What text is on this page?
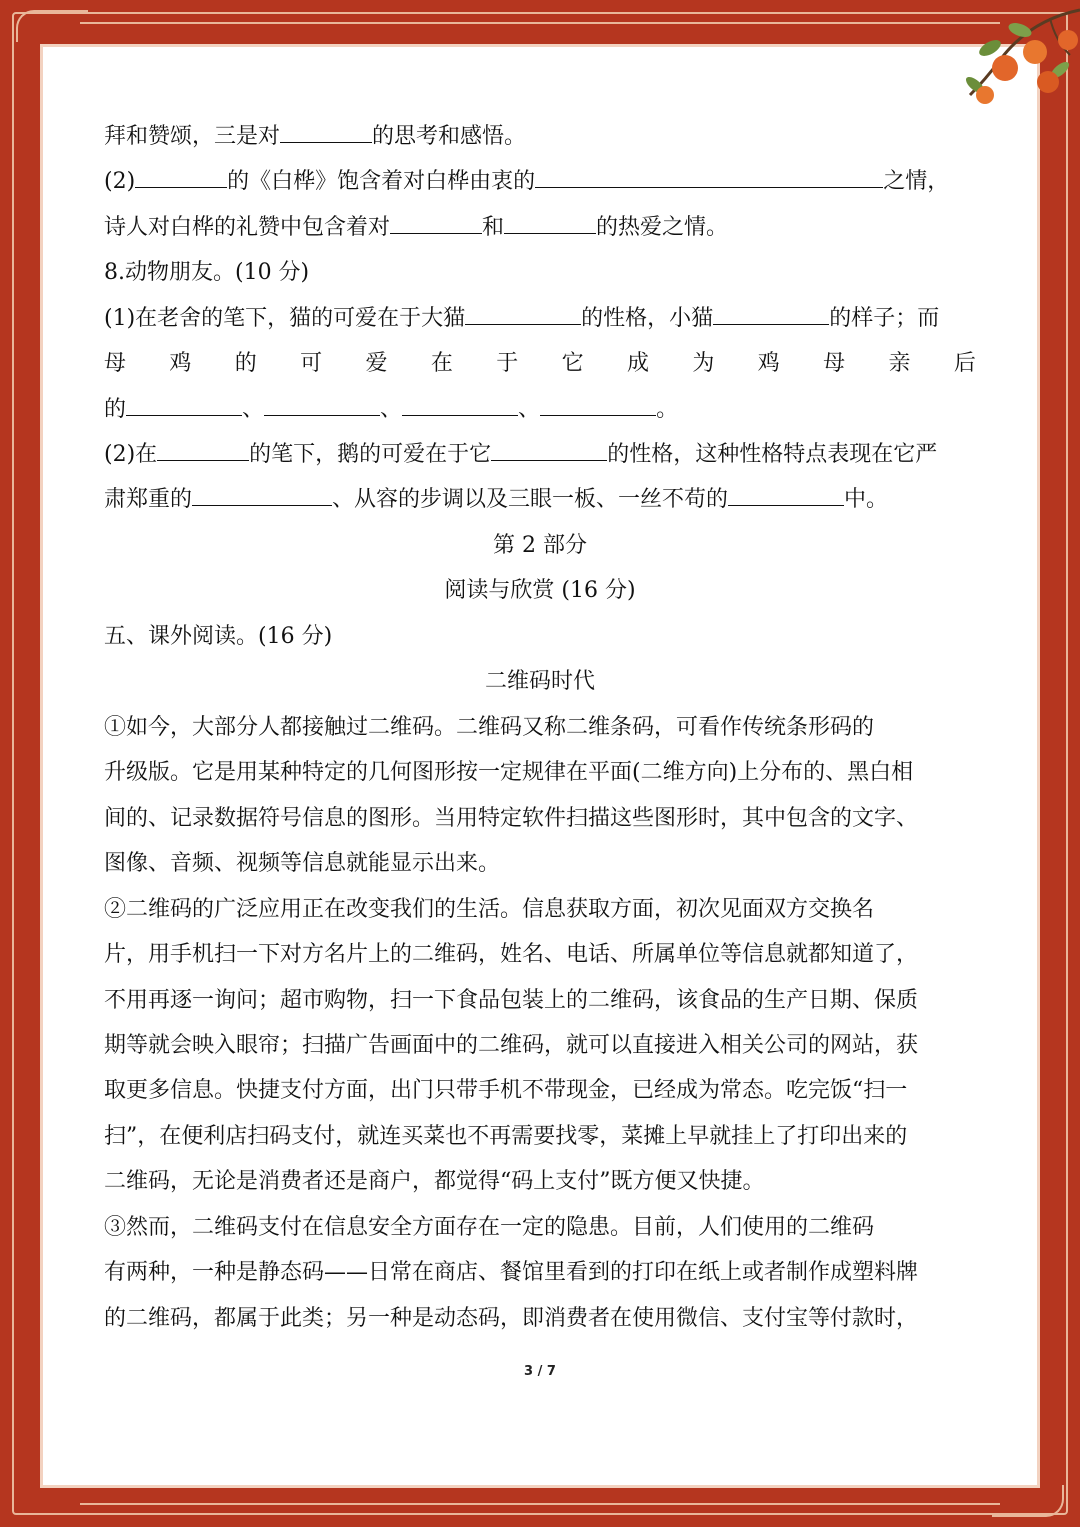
拜和赞颂，三是对	的思考和感悟。
(2)	的《白桦》饱含着对白桦由衷的	之情，
诗人对白桦的礼赞中包含着对	和	的热爱之情。
8.动物朋友。(10 分)
(1)在老舍的笔下，猫的可爱在于大猫	的性格，小猫	的样子；而
母 鸡 的 可 爱 在 于 它 成 为 鸡 母 亲 后
的	、	、	、	。
(2)在	的笔下，鹅的可爱在于它	的性格，这种性格特点表现在它严
肃郑重的	、从容的步调以及三眼一板、一丝不苟的	中。
第 2 部分
阅读与欣赏 (16 分)
五、课外阅读。(16 分)
二维码时代
①如今，大部分人都接触过二维码。二维码又称二维条码，可看作传统条形码的
升级版。它是用某种特定的几何图形按一定规律在平面(二维方向)上分布的、黑白相
间的、记录数据符号信息的图形。当用特定软件扫描这些图形时，其中包含的文字、
图像、音频、视频等信息就能显示出来。
②二维码的广泛应用正在改变我们的生活。信息获取方面，初次见面双方交换名
片，用手机扫一下对方名片上的二维码，姓名、电话、所属单位等信息就都知道了，
不用再逐一询问；超市购物，扫一下食品包装上的二维码，该食品的生产日期、保质
期等就会映入眼帘；扫描广告画面中的二维码，就可以直接进入相关公司的网站，获
取更多信息。快捷支付方面，出门只带手机不带现金，已经成为常态。吃完饭“扫一
扫”，在便利店扫码支付，就连买菜也不再需要找零，菜摊上早就挂上了打印出来的
二维码，无论是消费者还是商户，都觉得“码上支付”既方便又快捷。
③然而，二维码支付在信息安全方面存在一定的隐患。目前，人们使用的二维码
有两种，一种是静态码——日常在商店、餐馆里看到的打印在纸上或者制作成塑料牌
的二维码，都属于此类；另一种是动态码，即消费者在使用微信、支付宝等付款时，
3 / 7
